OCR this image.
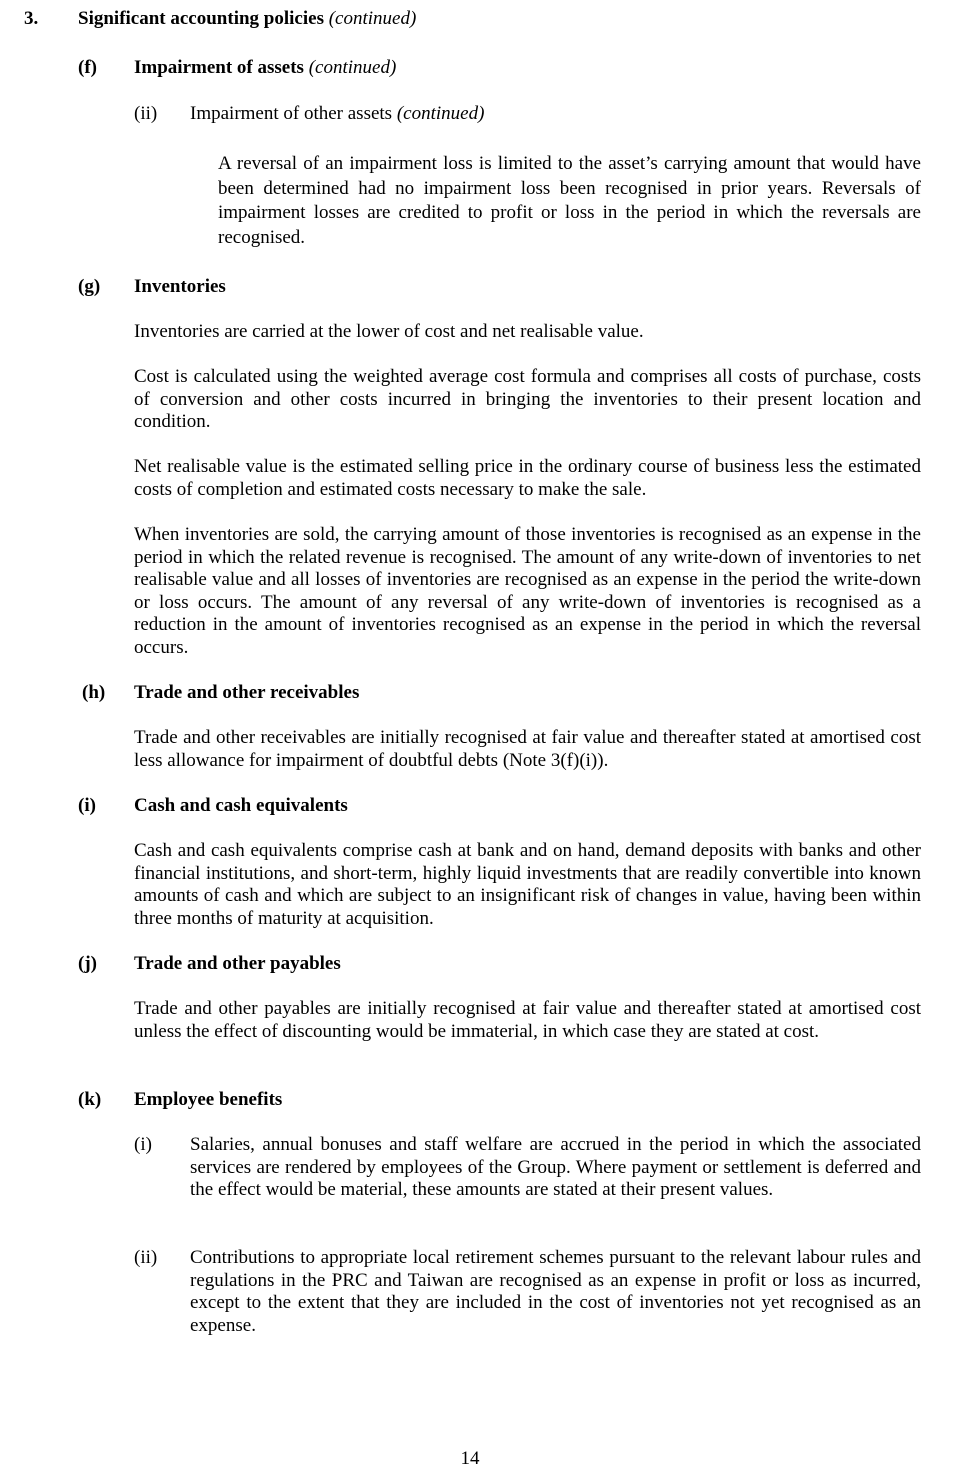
3. Significant accounting policies (continued)
(f) Impairment of assets (continued)
(ii) Impairment of other assets (continued)

A reversal of an impairment loss is limited to the asset’s carrying amount that would have been determined had no impairment loss been recognised in prior years. Reversals of impairment losses are credited to profit or loss in the period in which the reversals are recognised.

(g) Inventories

Inventories are carried at the lower of cost and net realisable value.

Cost is calculated using the weighted average cost formula and comprises all costs of purchase, costs of conversion and other costs incurred in bringing the inventories to their present location and condition.

Net realisable value is the estimated selling price in the ordinary course of business less the estimated costs of completion and estimated costs necessary to make the sale.

When inventories are sold, the carrying amount of those inventories is recognised as an expense in the period in which the related revenue is recognised. The amount of any write-down of inventories to net realisable value and all losses of inventories are recognised as an expense in the period the write-down or loss occurs. The amount of any reversal of any write-down of inventories is recognised as a reduction in the amount of inventories recognised as an expense in the period in which the reversal occurs.

(h) Trade and other receivables

Trade and other receivables are initially recognised at fair value and thereafter stated at amortised cost less allowance for impairment of doubtful debts (Note 3(f)(i)).

(i) Cash and cash equivalents

Cash and cash equivalents comprise cash at bank and on hand, demand deposits with banks and other financial institutions, and short-term, highly liquid investments that are readily convertible into known amounts of cash and which are subject to an insignificant risk of changes in value, having been within three months of maturity at acquisition.

(j) Trade and other payables

Trade and other payables are initially recognised at fair value and thereafter stated at amortised cost unless the effect of discounting would be immaterial, in which case they are stated at cost.

(k) Employee benefits
(i) Salaries, annual bonuses and staff welfare are accrued in the period in which the associated services are rendered by employees of the Group. Where payment or settlement is deferred and the effect would be material, these amounts are stated at their present values.

(ii) Contributions to appropriate local retirement schemes pursuant to the relevant labour rules and regulations in the PRC and Taiwan are recognised as an expense in profit or loss as incurred, except to the extent that they are included in the cost of inventories not yet recognised as an expense.

14
